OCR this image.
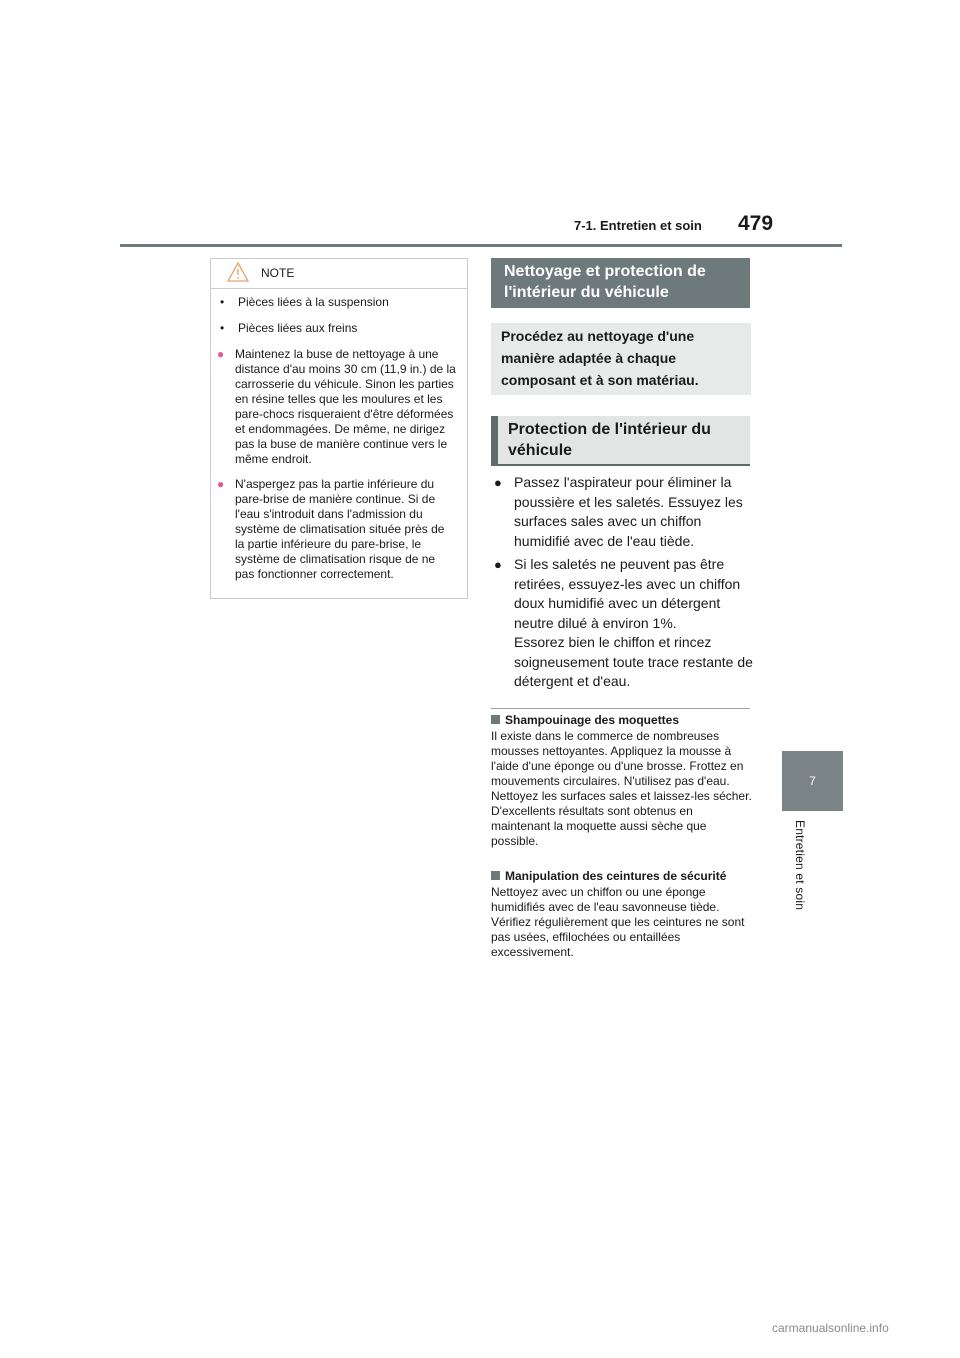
7-1. Entretien et soin 479
7
Entretien et soin
NOTE
•	Pièces liées à la suspension
•	Pièces liées aux freins
● Maintenez la buse de nettoyage à une distance d'au moins 30 cm (11,9 in.) de la carrosserie du véhicule. Sinon les parties en résine telles que les moulures et les pare-chocs risqueraient d'être déformées et endommagées. De même, ne dirigez pas la buse de manière continue vers le même endroit.
● N'aspergez pas la partie inférieure du pare-brise de manière continue. Si de l'eau s'introduit dans l'admission du système de climatisation située près de la partie inférieure du pare-brise, le système de climatisation risque de ne pas fonctionner correctement.
Nettoyage et protection de l'intérieur du véhicule
Procédez au nettoyage d'une manière adaptée à chaque composant et à son matériau.
Protection de l'intérieur du véhicule
● Passez l'aspirateur pour éliminer la poussière et les saletés. Essuyez les surfaces sales avec un chiffon humidifié avec de l'eau tiède.
● Si les saletés ne peuvent pas être retirées, essuyez-les avec un chiffon doux humidifié avec un détergent neutre dilué à environ 1%.
Essorez bien le chiffon et rincez soigneusement toute trace restante de détergent et d'eau.
Shampouinage des moquettes
Il existe dans le commerce de nombreuses mousses nettoyantes. Appliquez la mousse à l'aide d'une éponge ou d'une brosse. Frottez en mouvements circulaires. N'utilisez pas d'eau. Nettoyez les surfaces sales et laissez-les sécher. D'excellents résultats sont obtenus en maintenant la moquette aussi sèche que possible.
Manipulation des ceintures de sécurité
Nettoyez avec un chiffon ou une éponge humidifiés avec de l'eau savonneuse tiède. Vérifiez régulièrement que les ceintures ne sont pas usées, effilochées ou entaillées excessivement.
carmanualsonline.info
